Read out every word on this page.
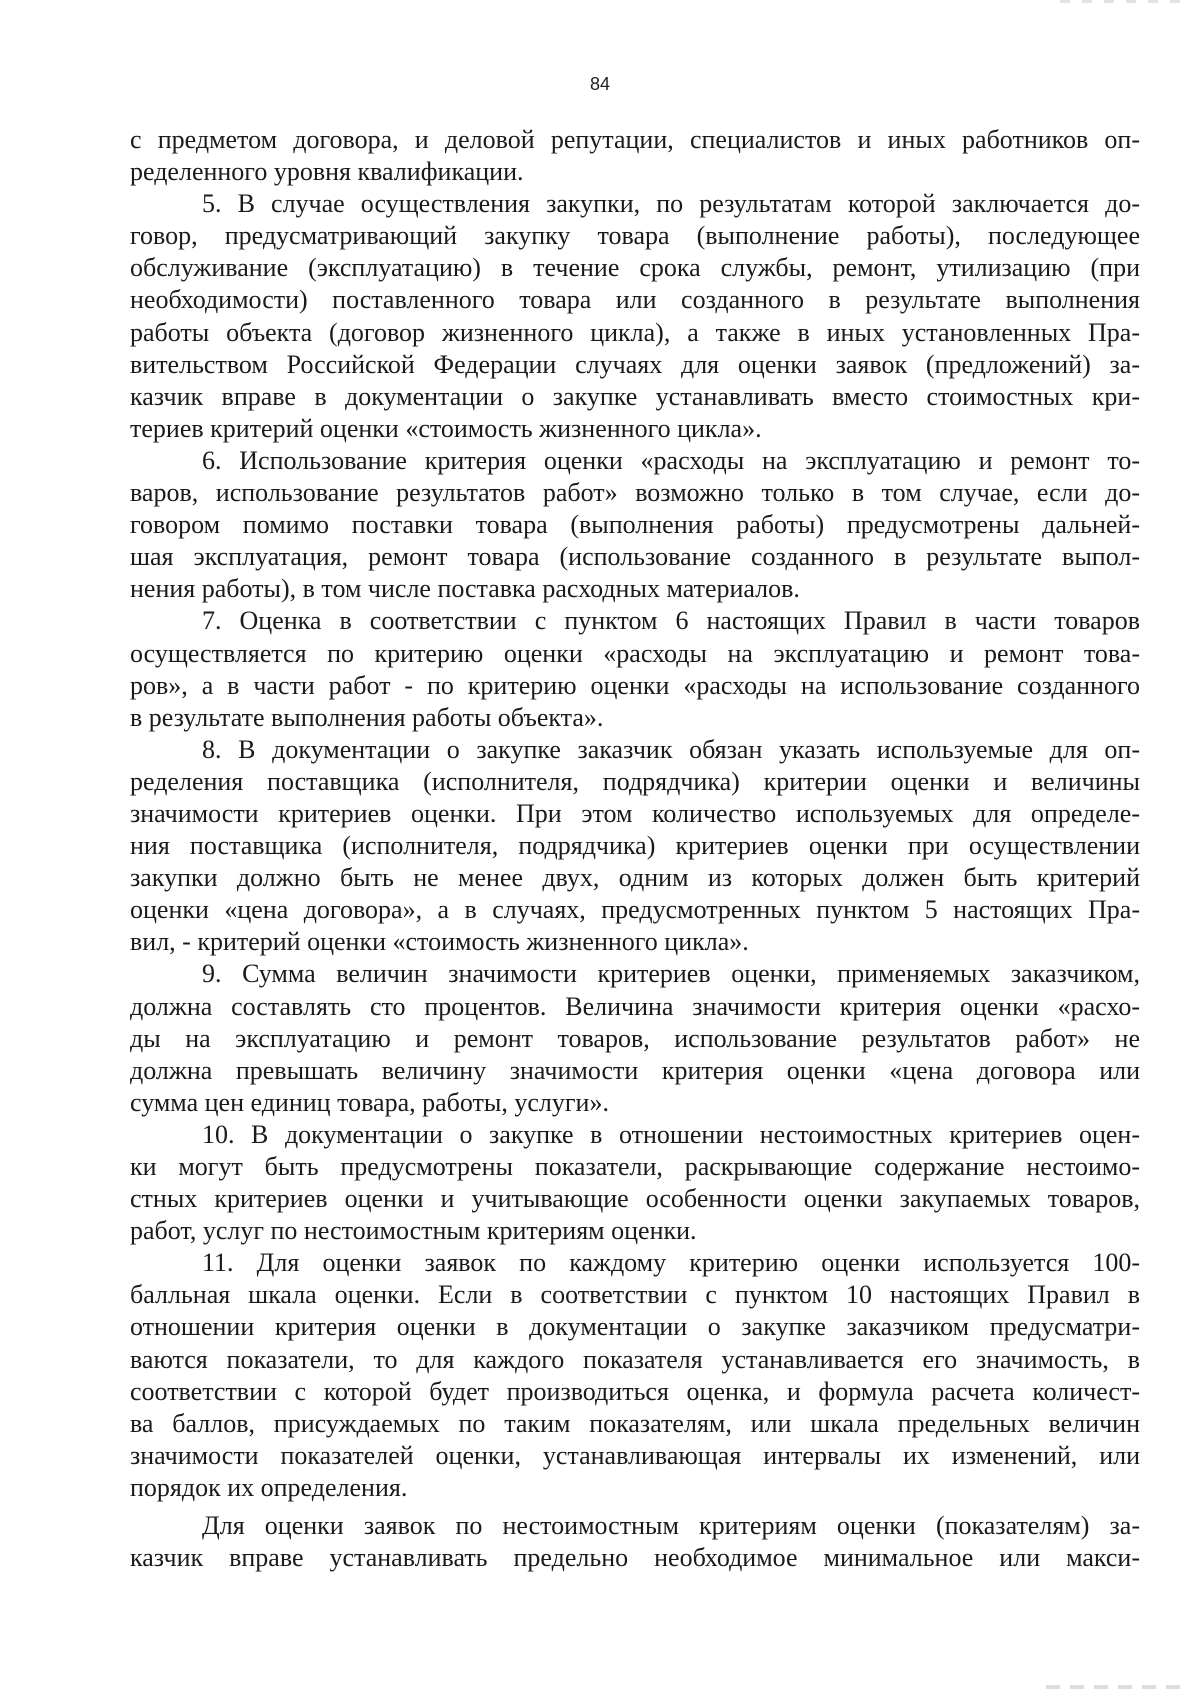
84
с предметом договора, и деловой репутации, специалистов и иных работников оп-
ределенного уровня квалификации.
5. В случае осуществления закупки, по результатам которой заключается до-
говор, предусматривающий закупку товара (выполнение работы), последующее
обслуживание (эксплуатацию) в течение срока службы, ремонт, утилизацию (при
необходимости) поставленного товара или созданного в результате выполнения
работы объекта (договор жизненного цикла), а также в иных установленных Пра-
вительством Российской Федерации случаях для оценки заявок (предложений) за-
казчик вправе в документации о закупке устанавливать вместо стоимостных кри-
териев критерий оценки «стоимость жизненного цикла».
6. Использование критерия оценки «расходы на эксплуатацию и ремонт то-
варов, использование результатов работ» возможно только в том случае, если до-
говором помимо поставки товара (выполнения работы) предусмотрены дальней-
шая эксплуатация, ремонт товара (использование созданного в результате выпол-
нения работы), в том числе поставка расходных материалов.
7. Оценка в соответствии с пунктом 6 настоящих Правил в части товаров
осуществляется по критерию оценки «расходы на эксплуатацию и ремонт това-
ров», а в части работ - по критерию оценки «расходы на использование созданного
в результате выполнения работы объекта».
8. В документации о закупке заказчик обязан указать используемые для оп-
ределения поставщика (исполнителя, подрядчика) критерии оценки и величины
значимости критериев оценки. При этом количество используемых для определе-
ния поставщика (исполнителя, подрядчика) критериев оценки при осуществлении
закупки должно быть не менее двух, одним из которых должен быть критерий
оценки «цена договора», а в случаях, предусмотренных пунктом 5 настоящих Пра-
вил, - критерий оценки «стоимость жизненного цикла».
9. Сумма величин значимости критериев оценки, применяемых заказчиком,
должна составлять сто процентов. Величина значимости критерия оценки «расхо-
ды на эксплуатацию и ремонт товаров, использование результатов работ» не
должна превышать величину значимости критерия оценки «цена договора или
сумма цен единиц товара, работы, услуги».
10. В документации о закупке в отношении нестоимостных критериев оцен-
ки могут быть предусмотрены показатели, раскрывающие содержание нестоимо-
стных критериев оценки и учитывающие особенности оценки закупаемых товаров,
работ, услуг по нестоимостным критериям оценки.
11. Для оценки заявок по каждому критерию оценки используется 100-
балльная шкала оценки. Если в соответствии с пунктом 10 настоящих Правил в
отношении критерия оценки в документации о закупке заказчиком предусматри-
ваются показатели, то для каждого показателя устанавливается его значимость, в
соответствии с которой будет производиться оценка, и формула расчета количест-
ва баллов, присуждаемых по таким показателям, или шкала предельных величин
значимости показателей оценки, устанавливающая интервалы их изменений, или
порядок их определения.
Для оценки заявок по нестоимостным критериям оценки (показателям) за-
казчик вправе устанавливать предельно необходимое минимальное или макси-
